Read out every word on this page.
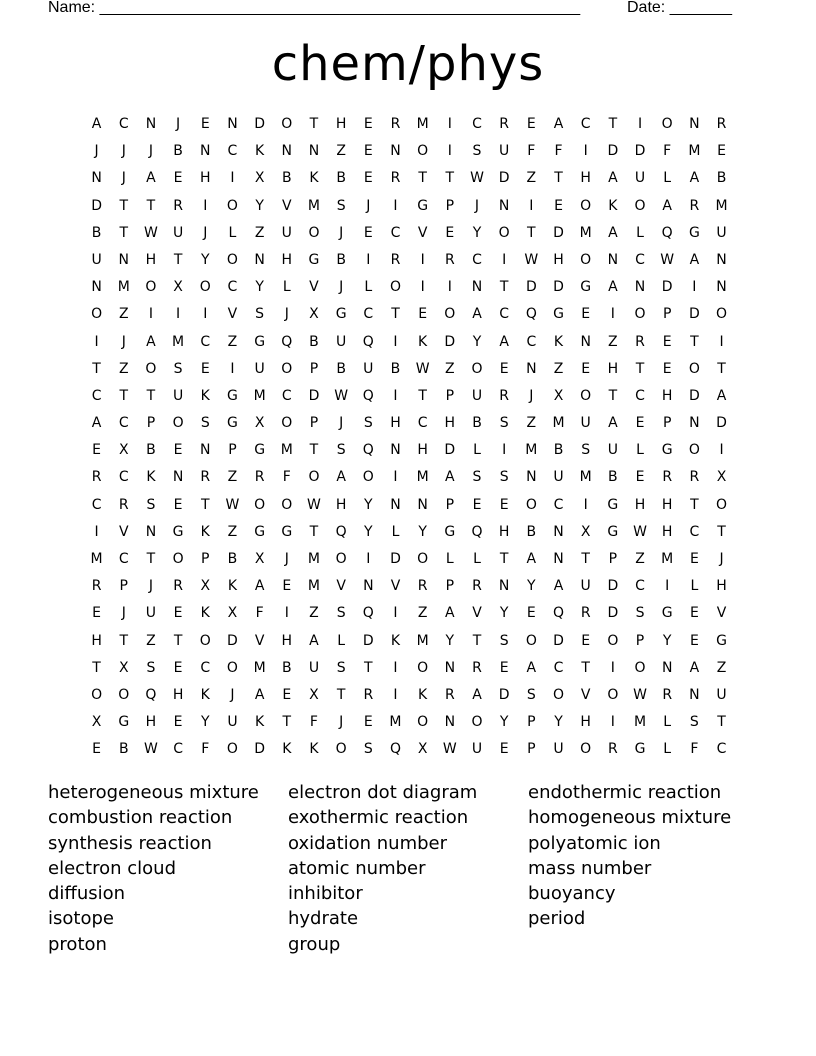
Name: ______________________________________________________	Date: _______
chem/phys
A	C	N	J	E	N	D	O	T	H	E	R	M	I	C	R	E	A	C	T	I	O	N	R
J	J	J	B	N	C	K	N	N	Z	E	N	O	I	S	U	F	F	I	D	D	F	M	E
N	J	A	E	H	I	X	B	K	B	E	R	T	T	W	D	Z	T	H	A	U	L	A	B
D	T	T	R	I	O	Y	V	M	S	J	I	G	P	J	N	I	E	O	K	O	A	R	M
B	T	W	U	J	L	Z	U	O	J	E	C	V	E	Y	O	T	D	M	A	L	Q	G	U
U	N	H	T	Y	O	N	H	G	B	I	R	I	R	C	I	W	H	O	N	C	W	A	N
N	M	O	X	O	C	Y	L	V	J	L	O	I	I	N	T	D	D	G	A	N	D	I	N
O	Z	I	I	I	V	S	J	X	G	C	T	E	O	A	C	Q	G	E	I	O	P	D	O
I	J	A	M	C	Z	G	Q	B	U	Q	I	K	D	Y	A	C	K	N	Z	R	E	T	I
T	Z	O	S	E	I	U	O	P	B	U	B	W	Z	O	E	N	Z	E	H	T	E	O	T
C	T	T	U	K	G	M	C	D	W	Q	I	T	P	U	R	J	X	O	T	C	H	D	A
A	C	P	O	S	G	X	O	P	J	S	H	C	H	B	S	Z	M	U	A	E	P	N	D
E	X	B	E	N	P	G	M	T	S	Q	N	H	D	L	I	M	B	S	U	L	G	O	I
R	C	K	N	R	Z	R	F	O	A	O	I	M	A	S	S	N	U	M	B	E	R	R	X
C	R	S	E	T	W	O	O	W	H	Y	N	N	P	E	E	O	C	I	G	H	H	T	O
I	V	N	G	K	Z	G	G	T	Q	Y	L	Y	G	Q	H	B	N	X	G	W	H	C	T
M	C	T	O	P	B	X	J	M	O	I	D	O	L	L	T	A	N	T	P	Z	M	E	J
R	P	J	R	X	K	A	E	M	V	N	V	R	P	R	N	Y	A	U	D	C	I	L	H
E	J	U	E	K	X	F	I	Z	S	Q	I	Z	A	V	Y	E	Q	R	D	S	G	E	V
H	T	Z	T	O	D	V	H	A	L	D	K	M	Y	T	S	O	D	E	O	P	Y	E	G
T	X	S	E	C	O	M	B	U	S	T	I	O	N	R	E	A	C	T	I	O	N	A	Z
O	O	Q	H	K	J	A	E	X	T	R	I	K	R	A	D	S	O	V	O	W	R	N	U
X	G	H	E	Y	U	K	T	F	J	E	M	O	N	O	Y	P	Y	H	I	M	L	S	T
E	B	W	C	F	O	D	K	K	O	S	Q	X	W	U	E	P	U	O	R	G	L	F	C
heterogeneous mixture
combustion reaction
synthesis reaction
electron cloud
diffusion
isotope
proton
electron dot diagram
exothermic reaction
oxidation number
atomic number
inhibitor
hydrate
group
endothermic reaction
homogeneous mixture
polyatomic ion
mass number
buoyancy
period
